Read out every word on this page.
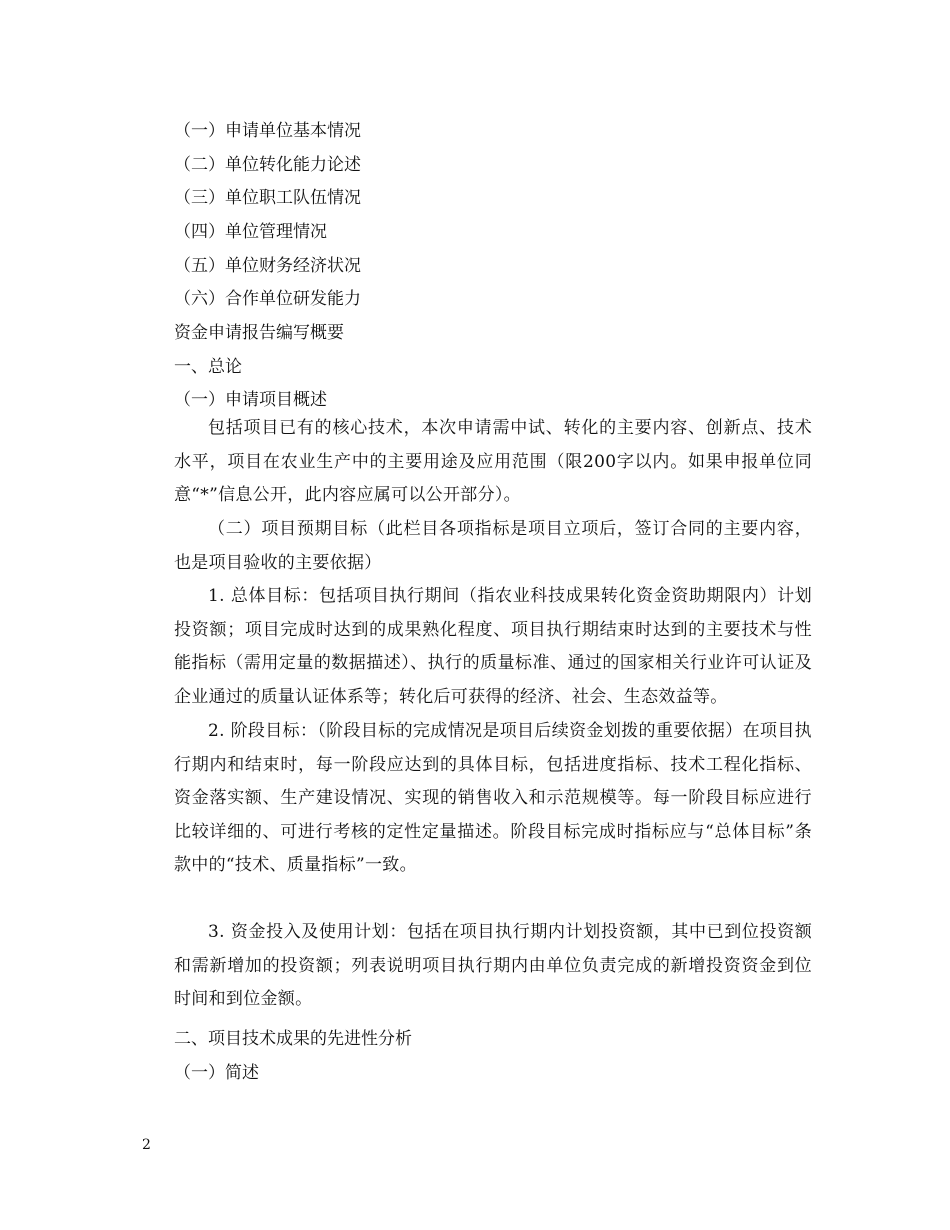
（一）申请单位基本情况
（二）单位转化能力论述
（三）单位职工队伍情况
（四）单位管理情况
（五）单位财务经济状况
（六）合作单位研发能力
资金申请报告编写概要
一、总论
（一）申请项目概述
包括项目已有的核心技术，本次申请需中试、转化的主要内容、创新点、技术水平，项目在农业生产中的主要用途及应用范围（限200字以内。如果申报单位同意“*”信息公开，此内容应属可以公开部分）。
（二）项目预期目标（此栏目各项指标是项目立项后，签订合同的主要内容，也是项目验收的主要依据）
1. 总体目标：包括项目执行期间（指农业科技成果转化资金资助期限内）计划投资额；项目完成时达到的成果熟化程度、项目执行期结束时达到的主要技术与性能指标（需用定量的数据描述）、执行的质量标准、通过的国家相关行业许可认证及企业通过的质量认证体系等；转化后可获得的经济、社会、生态效益等。
2. 阶段目标：（阶段目标的完成情况是项目后续资金划拨的重要依据）在项目执行期内和结束时，每一阶段应达到的具体目标，包括进度指标、技术工程化指标、资金落实额、生产建设情况、实现的销售收入和示范规模等。每一阶段目标应进行比较详细的、可进行考核的定性定量描述。阶段目标完成时指标应与“总体目标”条款中的“技术、质量指标”一致。
3. 资金投入及使用计划：包括在项目执行期内计划投资额，其中已到位投资额和需新增加的投资额；列表说明项目执行期内由单位负责完成的新增投资资金到位时间和到位金额。
二、项目技术成果的先进性分析
（一）简述
2
